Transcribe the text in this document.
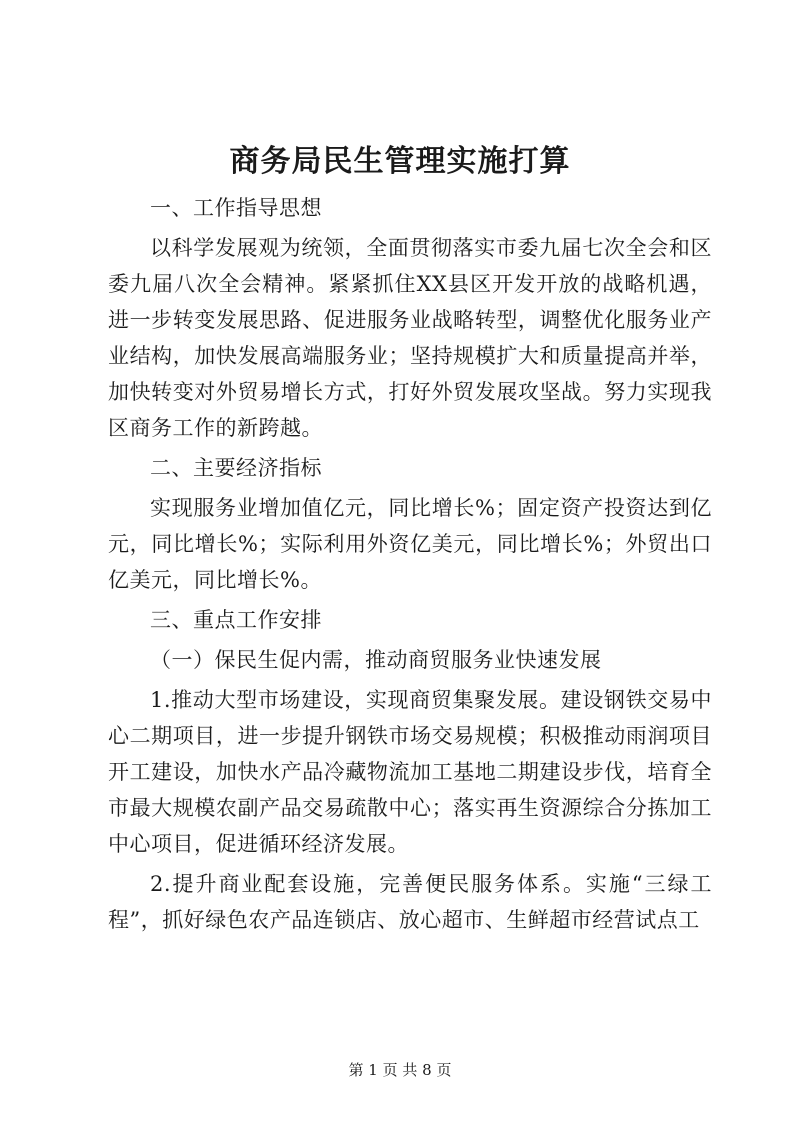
商务局民生管理实施打算

一、工作指导思想

以科学发展观为统领，全面贯彻落实市委九届七次全会和区委九届八次全会精神。紧紧抓住XX县区开发开放的战略机遇，进一步转变发展思路、促进服务业战略转型，调整优化服务业产业结构，加快发展高端服务业；坚持规模扩大和质量提高并举，加快转变对外贸易增长方式，打好外贸发展攻坚战。努力实现我区商务工作的新跨越。

二、主要经济指标

实现服务业增加值亿元，同比增长%；固定资产投资达到亿元，同比增长%；实际利用外资亿美元，同比增长%；外贸出口亿美元，同比增长%。

三、重点工作安排

（一）保民生促内需，推动商贸服务业快速发展

1.推动大型市场建设，实现商贸集聚发展。建设钢铁交易中心二期项目，进一步提升钢铁市场交易规模；积极推动雨润项目开工建设，加快水产品冷藏物流加工基地二期建设步伐，培育全市最大规模农副产品交易疏散中心；落实再生资源综合分拣加工中心项目，促进循环经济发展。

2.提升商业配套设施，完善便民服务体系。实施“三绿工程”，抓好绿色农产品连锁店、放心超市、生鲜超市经营试点工

第 1 页 共 8 页
